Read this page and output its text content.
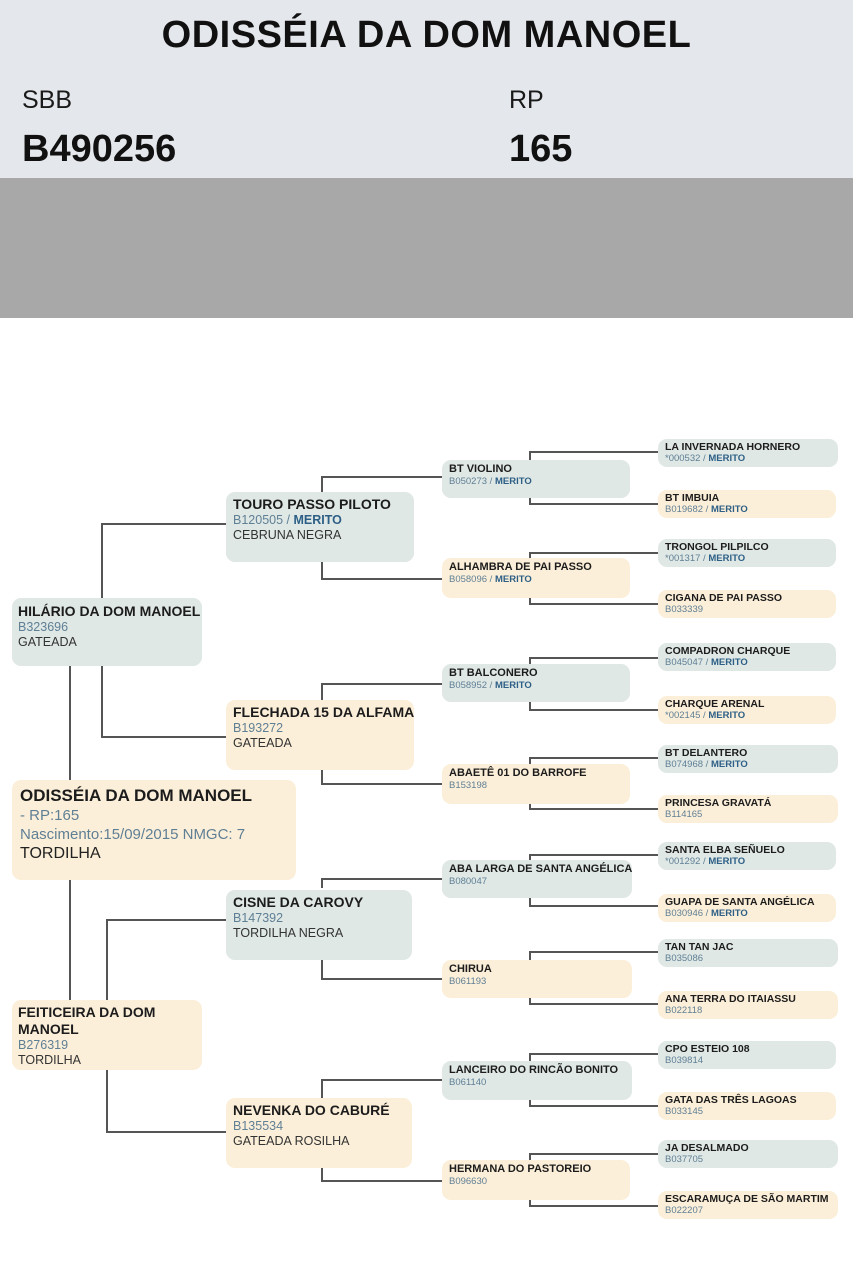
ODISSÉIA DA DOM MANOEL
SBB
B490256
RP
165
ODISSÉIA DA DOM MANOEL
- RP:165
Nascimento:15/09/2015 NMGC: 7
TORDILHA
HILÁRIO DA DOM MANOEL
B323696
GATEADA
FEITICEIRA DA DOM
MANOEL
B276319
TORDILHA
TOURO PASSO PILOTO
B120505 / MERITO
CEBRUNA NEGRA
FLECHADA 15 DA ALFAMA
B193272
GATEADA
CISNE DA CAROVY
B147392
TORDILHA NEGRA
NEVENKA DO CABURÉ
B135534
GATEADA ROSILHA
BT VIOLINO
B050273 / MERITO
ALHAMBRA DE PAI PASSO
B058096 / MERITO
BT BALCONERO
B058952 / MERITO
ABAETÊ 01 DO BARROFE
B153198
ABA LARGA DE SANTA ANGÉLICA
B080047
CHIRUA
B061193
LANCEIRO DO RINCÃO BONITO
B061140
HERMANA DO PASTOREIO
B096630
LA INVERNADA HORNERO
*000532 / MERITO
BT IMBUIA
B019682 / MERITO
TRONGOL PILPILCO
*001317 / MERITO
CIGANA DE PAI PASSO
B033339
COMPADRON CHARQUE
B045047 / MERITO
CHARQUE ARENAL
*002145 / MERITO
BT DELANTERO
B074968 / MERITO
PRINCESA GRAVATÁ
B114165
SANTA ELBA SEÑUELO
*001292 / MERITO
GUAPA DE SANTA ANGÉLICA
B030946 / MERITO
TAN TAN JAC
B035086
ANA TERRA DO ITAIASSU
B022118
CPO ESTEIO 108
B039814
GATA DAS TRÊS LAGOAS
B033145
JA DESALMADO
B037705
ESCARAMUÇA DE SÃO MARTIM
B022207
